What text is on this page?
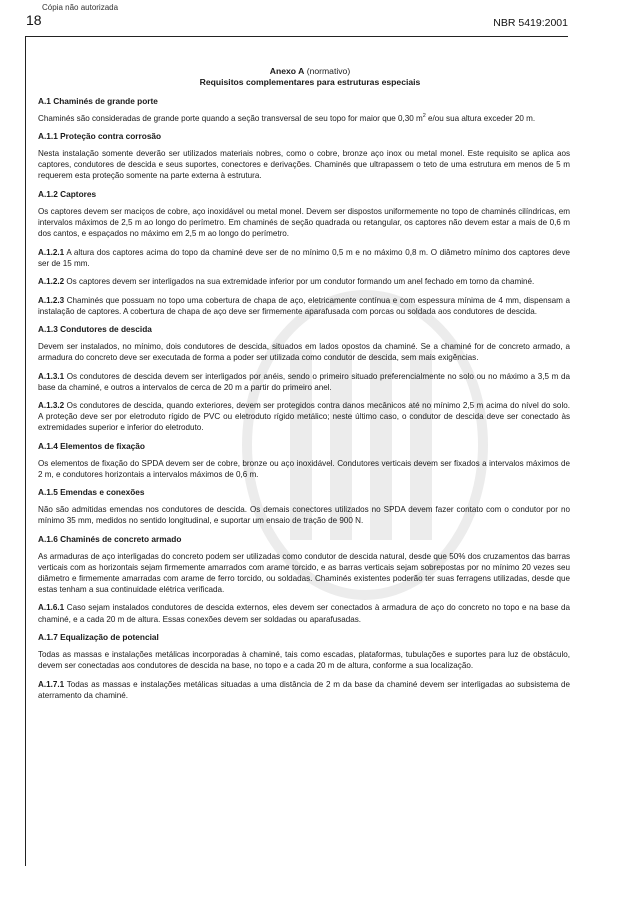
Cópia não autorizada
18	NBR 5419:2001
Anexo A (normativo)
Requisitos complementares para estruturas especiais
A.1 Chaminés de grande porte

Chaminés são consideradas de grande porte quando a seção transversal de seu topo for maior que 0,30 $m^2$ e/ou sua altura exceder 20 m.

A.1.1 Proteção contra corrosão

Nesta instalação somente deverão ser utilizados materiais nobres, como o cobre, bronze aço inox ou metal monel. Este requisito se aplica aos captores, condutores de descida e seus suportes, conectores e derivações. Chaminés que ultrapassem o teto de uma estrutura em menos de 5 m requerem esta proteção somente na parte externa à estrutura.

A.1.2 Captores

Os captores devem ser maciços de cobre, aço inoxidável ou metal monel. Devem ser dispostos uniformemente no topo de chaminés cilíndricas, em intervalos máximos de 2,5 m ao longo do perímetro. Em chaminés de seção quadrada ou retangular, os captores não devem estar a mais de 0,6 m dos cantos, e espaçados no máximo em 2,5 m ao longo do perímetro.

A.1.2.1 A altura dos captores acima do topo da chaminé deve ser de no mínimo 0,5 m e no máximo 0,8 m. O diâmetro mínimo dos captores deve ser de 15 mm.

A.1.2.2 Os captores devem ser interligados na sua extremidade inferior por um condutor formando um anel fechado em torno da chaminé.

A.1.2.3 Chaminés que possuam no topo uma cobertura de chapa de aço, eletricamente contínua e com espessura mínima de 4 mm, dispensam a instalação de captores. A cobertura de chapa de aço deve ser firmemente aparafusada com porcas ou soldada aos condutores de descida.

A.1.3 Condutores de descida

Devem ser instalados, no mínimo, dois condutores de descida, situados em lados opostos da chaminé. Se a chaminé for de concreto armado, a armadura do concreto deve ser executada de forma a poder ser utilizada como condutor de descida, sem mais exigências.

A.1.3.1 Os condutores de descida devem ser interligados por anéis, sendo o primeiro situado preferencialmente no solo ou no máximo a 3,5 m da base da chaminé, e outros a intervalos de cerca de 20 m a partir do primeiro anel.

A.1.3.2 Os condutores de descida, quando exteriores, devem ser protegidos contra danos mecânicos até no mínimo 2,5 m acima do nível do solo. A proteção deve ser por eletroduto rígido de PVC ou eletroduto rígido metálico; neste último caso, o condutor de descida deve ser conectado às extremidades superior e inferior do eletroduto.

A.1.4 Elementos de fixação

Os elementos de fixação do SPDA devem ser de cobre, bronze ou aço inoxidável. Condutores verticais devem ser fixados a intervalos máximos de 2 m, e condutores horizontais a intervalos máximos de 0,6 m.

A.1.5 Emendas e conexões

Não são admitidas emendas nos condutores de descida. Os demais conectores utilizados no SPDA devem fazer contato com o condutor por no mínimo 35 mm, medidos no sentido longitudinal, e suportar um ensaio de tração de 900 N.

A.1.6 Chaminés de concreto armado

As armaduras de aço interligadas do concreto podem ser utilizadas como condutor de descida natural, desde que 50% dos cruzamentos das barras verticais com as horizontais sejam firmemente amarrados com arame torcido, e as barras verticais sejam sobrepostas por no mínimo 20 vezes seu diâmetro e firmemente amarradas com arame de ferro torcido, ou soldadas. Chaminés existentes poderão ter suas ferragens utilizadas, desde que estas tenham a sua continuidade elétrica verificada.

A.1.6.1 Caso sejam instalados condutores de descida externos, eles devem ser conectados à armadura de aço do concreto no topo e na base da chaminé, e a cada 20 m de altura. Essas conexões devem ser soldadas ou aparafusadas.

A.1.7 Equalização de potencial

Todas as massas e instalações metálicas incorporadas à chaminé, tais como escadas, plataformas, tubulações e suportes para luz de obstáculo, devem ser conectadas aos condutores de descida na base, no topo e a cada 20 m de altura, conforme a sua localização.

A.1.7.1 Todas as massas e instalações metálicas situadas a uma distância de 2 m da base da chaminé devem ser interligadas ao subsistema de aterramento da chaminé.
